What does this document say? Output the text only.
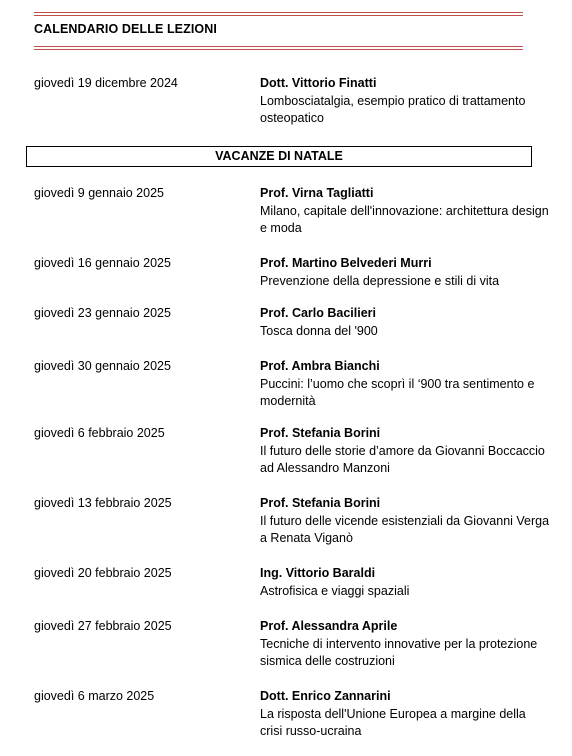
CALENDARIO DELLE LEZIONI
giovedì 19 dicembre 2024	Dott. Vittorio Finatti
Lombosciatalgia, esempio pratico di trattamento osteopatico
VACANZE DI NATALE
giovedì 9 gennaio 2025	Prof. Virna Tagliatti
Milano, capitale dell'innovazione: architettura design e moda
giovedì 16 gennaio 2025	Prof. Martino Belvederi Murri
Prevenzione della depressione e stili di vita
giovedì 23 gennaio 2025	Prof. Carlo Bacilieri
Tosca donna del '900
giovedì 30 gennaio 2025	Prof. Ambra Bianchi
Puccini: l’uomo che scoprì il ‘900 tra sentimento e modernità
giovedì 6 febbraio 2025	Prof. Stefania Borini
Il futuro delle storie d’amore da Giovanni Boccaccio ad Alessandro Manzoni
giovedì 13 febbraio 2025	Prof. Stefania Borini
Il futuro delle vicende esistenziali da Giovanni Verga a Renata Viganò
giovedì 20 febbraio 2025	Ing. Vittorio Baraldi
Astrofisica e viaggi spaziali
giovedì 27 febbraio 2025	Prof. Alessandra Aprile
Tecniche di intervento innovative per la protezione sismica delle costruzioni
giovedì 6 marzo 2025	Dott. Enrico Zannarini
La risposta dell'Unione Europea a margine della crisi russo-ucraina
